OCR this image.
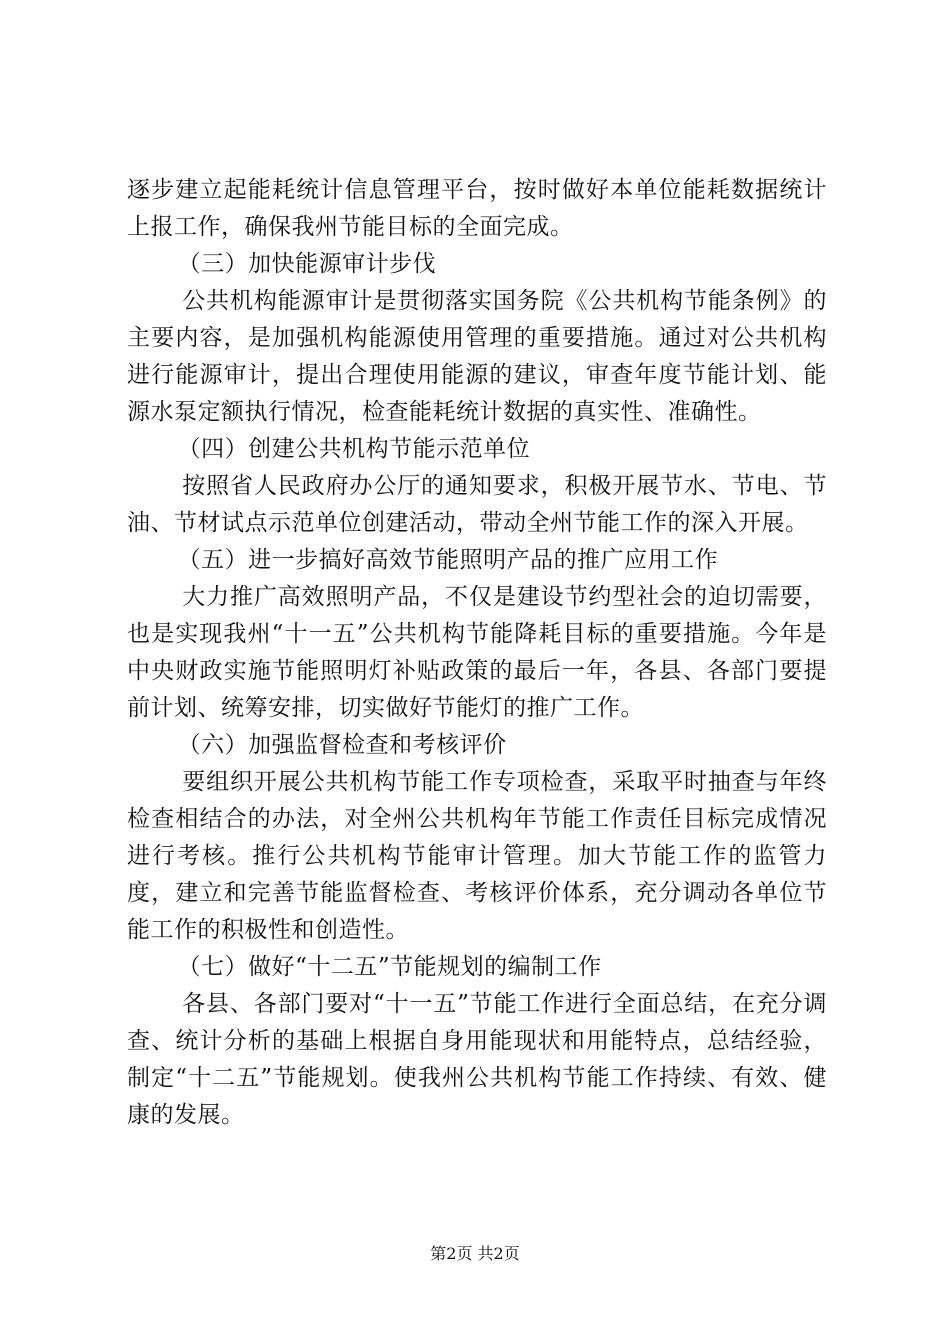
逐步建立起能耗统计信息管理平台，按时做好本单位能耗数据统计上报工作，确保我州节能目标的全面完成。

（三）加快能源审计步伐

公共机构能源审计是贯彻落实国务院《公共机构节能条例》的主要内容，是加强机构能源使用管理的重要措施。通过对公共机构进行能源审计，提出合理使用能源的建议，审查年度节能计划、能源水泵定额执行情况，检查能耗统计数据的真实性、准确性。

（四）创建公共机构节能示范单位

按照省人民政府办公厅的通知要求，积极开展节水、节电、节油、节材试点示范单位创建活动，带动全州节能工作的深入开展。

（五）进一步搞好高效节能照明产品的推广应用工作

大力推广高效照明产品，不仅是建设节约型社会的迫切需要，也是实现我州“十一五”公共机构节能降耗目标的重要措施。今年是中央财政实施节能照明灯补贴政策的最后一年，各县、各部门要提前计划、统筹安排，切实做好节能灯的推广工作。

（六）加强监督检查和考核评价

要组织开展公共机构节能工作专项检查，采取平时抽查与年终检查相结合的办法，对全州公共机构年节能工作责任目标完成情况进行考核。推行公共机构节能审计管理。加大节能工作的监管力度，建立和完善节能监督检查、考核评价体系，充分调动各单位节能工作的积极性和创造性。

（七）做好“十二五”节能规划的编制工作

各县、各部门要对“十一五”节能工作进行全面总结，在充分调查、统计分析的基础上根据自身用能现状和用能特点，总结经验，制定“十二五”节能规划。使我州公共机构节能工作持续、有效、健康的发展。

第2页 共2页
